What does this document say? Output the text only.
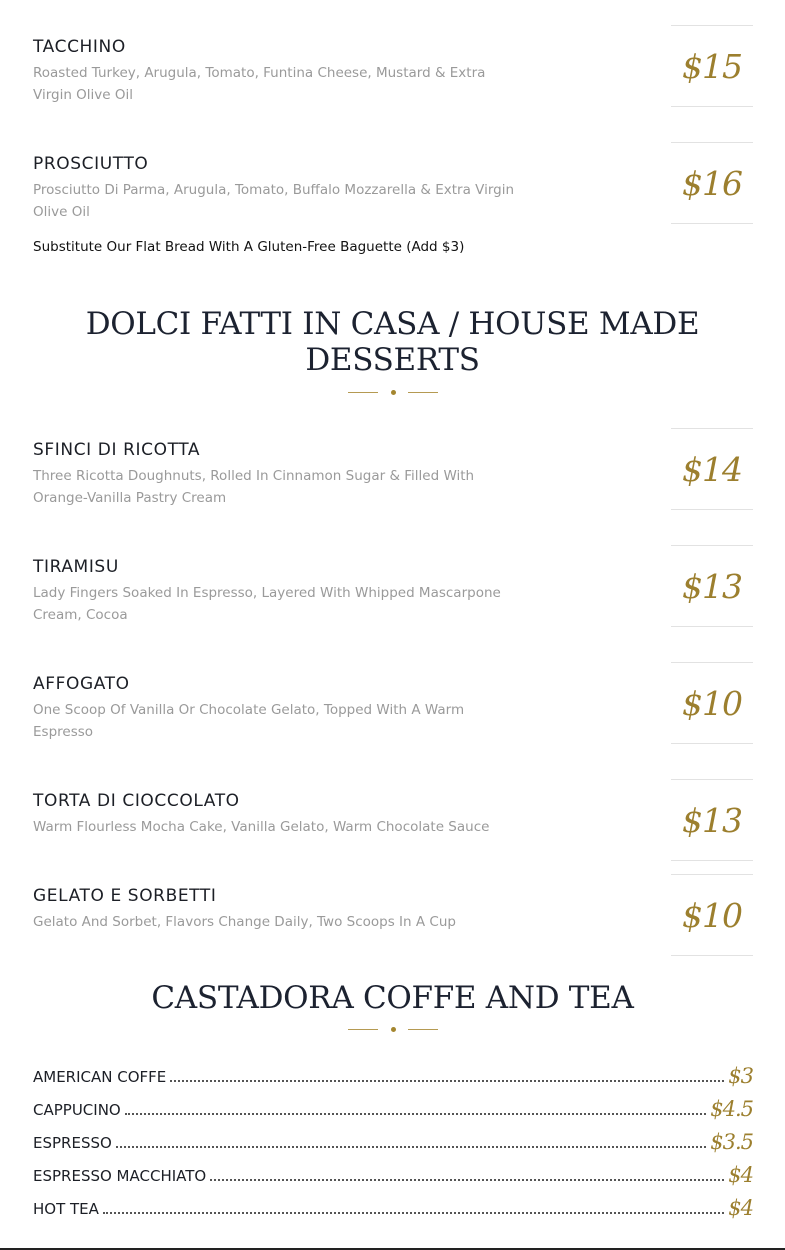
TACCHINO
Roasted Turkey, Arugula, Tomato, Funtina Cheese, Mustard & Extra Virgin Olive Oil
$15
PROSCIUTTO
Prosciutto Di Parma, Arugula, Tomato, Buffalo Mozzarella & Extra Virgin Olive Oil
$16
Substitute Our Flat Bread With A Gluten-Free Baguette (Add $3)
DOLCI FATTI IN CASA / HOUSE MADE
DESSERTS
SFINCI DI RICOTTA
Three Ricotta Doughnuts, Rolled In Cinnamon Sugar & Filled With Orange-Vanilla Pastry Cream
$14
TIRAMISU
Lady Fingers Soaked In Espresso, Layered With Whipped Mascarpone Cream, Cocoa
$13
AFFOGATO
One Scoop Of Vanilla Or Chocolate Gelato, Topped With A Warm Espresso
$10
TORTA DI CIOCCOLATO
Warm Flourless Mocha Cake, Vanilla Gelato, Warm Chocolate Sauce	$13
GELATO E SORBETTI
Gelato And Sorbet, Flavors Change Daily, Two Scoops In A Cup	$10
CASTADORA COFFE AND TEA
AMERICAN COFFE	$3
CAPPUCINO	$4.5
ESPRESSO	$3.5
ESPRESSO MACCHIATO	$4
HOT TEA	$4
